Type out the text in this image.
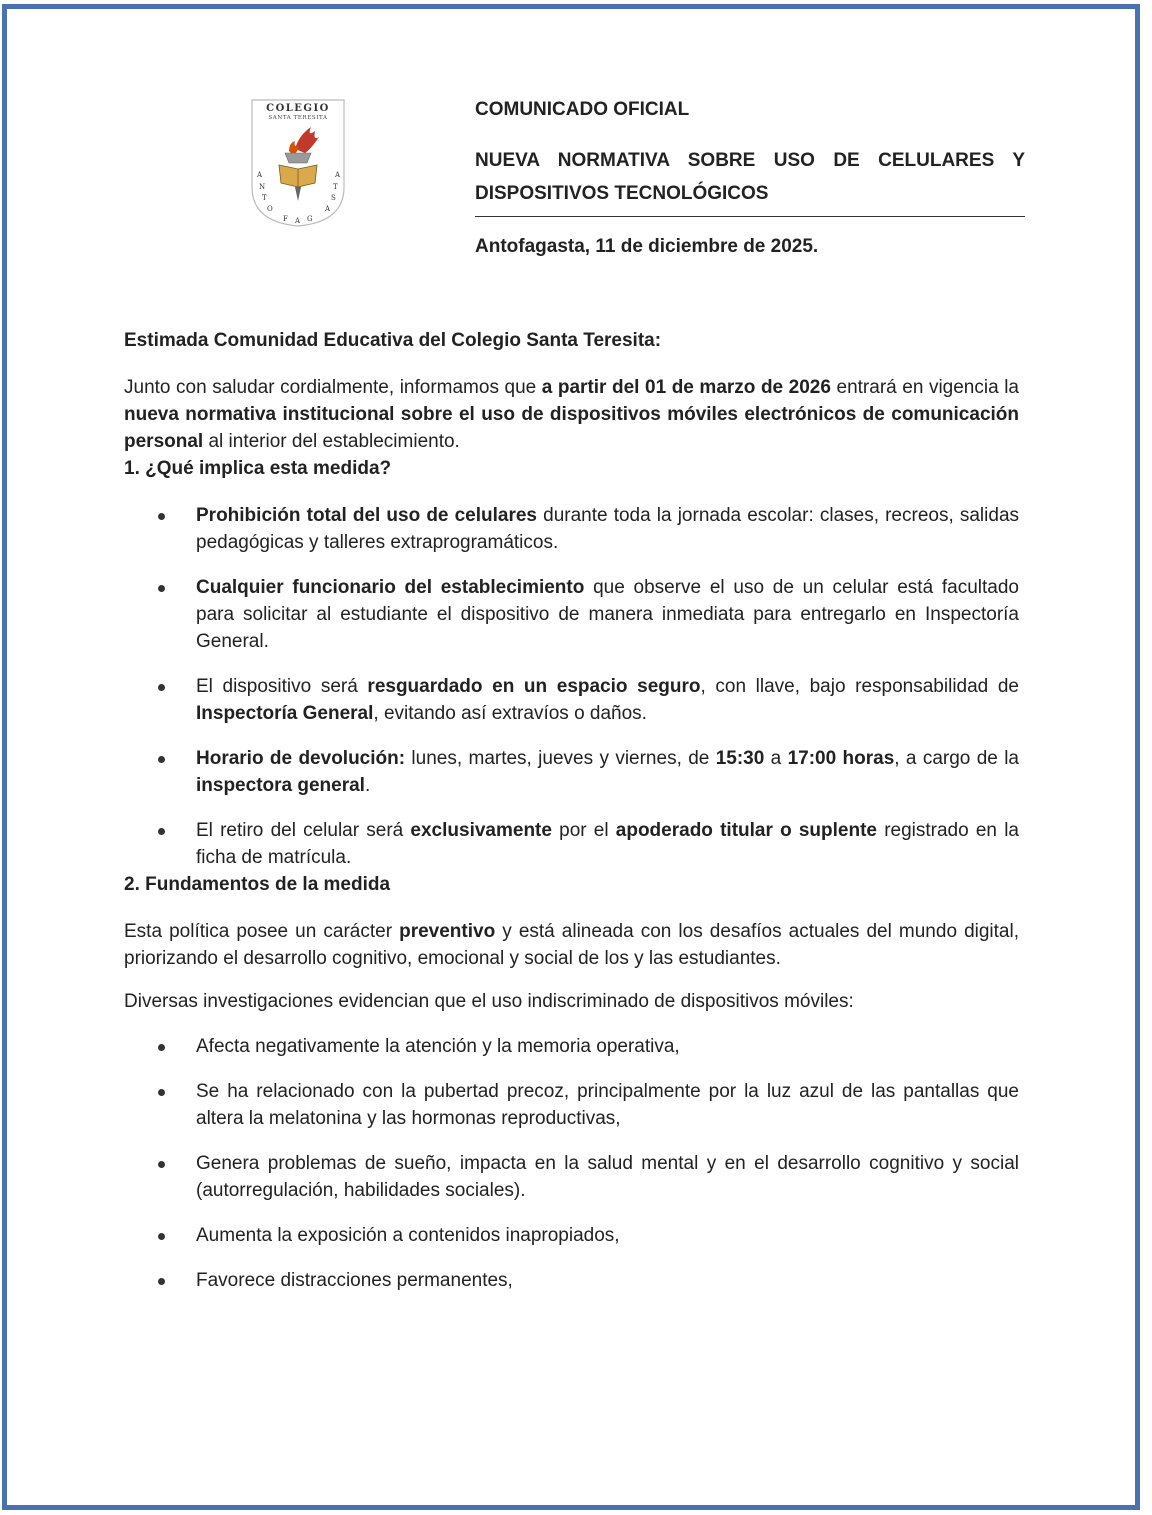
COLEGIO
SANTA TERESITA
A
N
T
O
F A G
A
S
T
A

COMUNICADO OFICIAL

NUEVA NORMATIVA SOBRE USO DE CELULARES Y
DISPOSITIVOS TECNOLÓGICOS

Antofagasta, 11 de diciembre de 2025.

Estimada Comunidad Educativa del Colegio Santa Teresita:

Junto con saludar cordialmente, informamos que a partir del 01 de marzo de 2026 entrará en vigencia la nueva normativa institucional sobre el uso de dispositivos móviles electrónicos de comunicación personal al interior del establecimiento.

1. ¿Qué implica esta medida?
Prohibición total del uso de celulares durante toda la jornada escolar: clases, recreos, salidas pedagógicas y talleres extraprogramáticos.
Cualquier funcionario del establecimiento que observe el uso de un celular está facultado para solicitar al estudiante el dispositivo de manera inmediata para entregarlo en Inspectoría General.
El dispositivo será resguardado en un espacio seguro, con llave, bajo responsabilidad de Inspectoría General, evitando así extravíos o daños.
Horario de devolución: lunes, martes, jueves y viernes, de 15:30 a 17:00 horas, a cargo de la inspectora general.
El retiro del celular será exclusivamente por el apoderado titular o suplente registrado en la ficha de matrícula.
2. Fundamentos de la medida

Esta política posee un carácter preventivo y está alineada con los desafíos actuales del mundo digital, priorizando el desarrollo cognitivo, emocional y social de los y las estudiantes.

Diversas investigaciones evidencian que el uso indiscriminado de dispositivos móviles:

Afecta negativamente la atención y la memoria operativa,
Se ha relacionado con la pubertad precoz, principalmente por la luz azul de las pantallas que altera la melatonina y las hormonas reproductivas,
Genera problemas de sueño, impacta en la salud mental y en el desarrollo cognitivo y social (autorregulación, habilidades sociales).
Aumenta la exposición a contenidos inapropiados,
Favorece distracciones permanentes,
